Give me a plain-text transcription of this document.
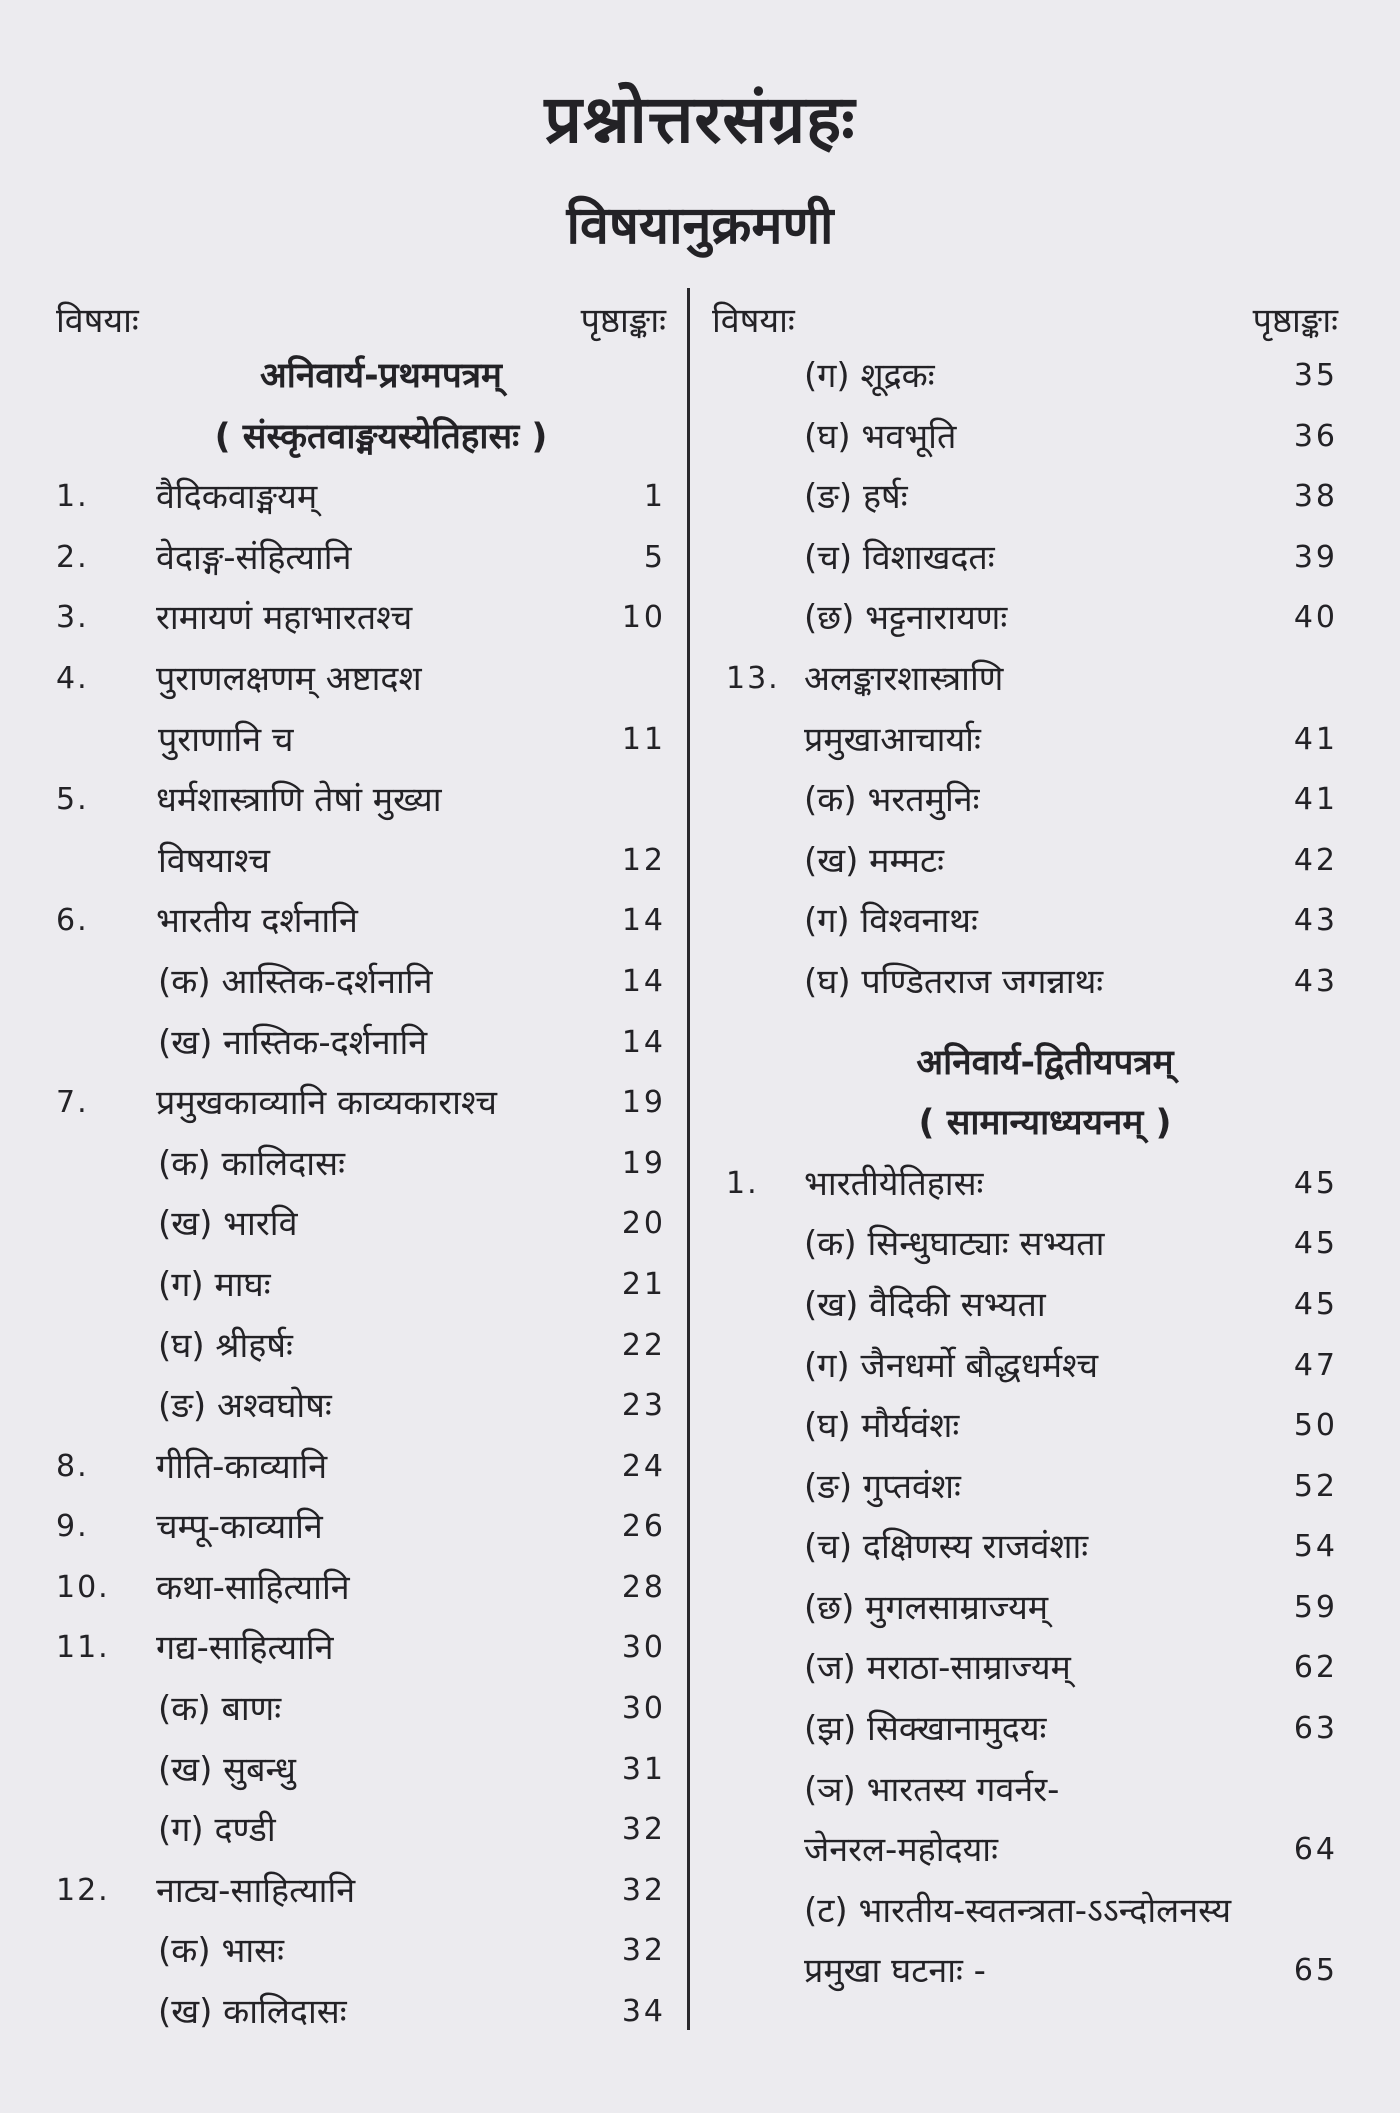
प्रश्नोत्तरसंग्रहः
विषयानुक्रमणी
विषयाः	पृष्ठाङ्काः
अनिवार्य-प्रथमपत्रम्
( संस्कृतवाङ्मयस्येतिहासः )
1. वैदिकवाङ्मयम्	1
2. वेदाङ्ग-संहित्यानि	5
3. रामायणं महाभारतश्च	10
4. पुराणलक्षणम् अष्टादश
पुराणानि च	11
5. धर्मशास्त्राणि तेषां मुख्या
विषयाश्च	12
6. भारतीय दर्शनानि	14
(क) आस्तिक-दर्शनानि	14
(ख) नास्तिक-दर्शनानि	14
7. प्रमुखकाव्यानि काव्यकाराश्च	19
(क) कालिदासः	19
(ख) भारवि	20
(ग) माघः	21
(घ) श्रीहर्षः	22
(ङ) अश्वघोषः	23
8. गीति-काव्यानि	24
9. चम्पू-काव्यानि	26
10. कथा-साहित्यानि	28
11. गद्य-साहित्यानि	30
(क) बाणः	30
(ख) सुबन्धु	31
(ग) दण्डी	32
12. नाट्य-साहित्यानि	32
(क) भासः	32
(ख) कालिदासः	34
विषयाः	पृष्ठाङ्काः
(ग) शूद्रकः	35
(घ) भवभूति	36
(ङ) हर्षः	38
(च) विशाखदतः	39
(छ) भट्टनारायणः	40
13. अलङ्कारशास्त्राणि
प्रमुखाआचार्याः	41
(क) भरतमुनिः	41
(ख) मम्मटः	42
(ग) विश्वनाथः	43
(घ) पण्डितराज जगन्नाथः	43
अनिवार्य-द्वितीयपत्रम्
( सामान्याध्ययनम् )
1. भारतीयेतिहासः	45
(क) सिन्धुघाट्याः सभ्यता	45
(ख) वैदिकी सभ्यता	45
(ग) जैनधर्मो बौद्धधर्मश्च	47
(घ) मौर्यवंशः	50
(ङ) गुप्तवंशः	52
(च) दक्षिणस्य राजवंशाः	54
(छ) मुगलसाम्राज्यम्	59
(ज) मराठा-साम्राज्यम्	62
(झ) सिक्खानामुदयः	63
(ञ) भारतस्य गवर्नर-
जेनरल-महोदयाः	64
(ट) भारतीय-स्वतन्त्रता-ऽऽन्दोलनस्य
प्रमुखा घटनाः -	65
